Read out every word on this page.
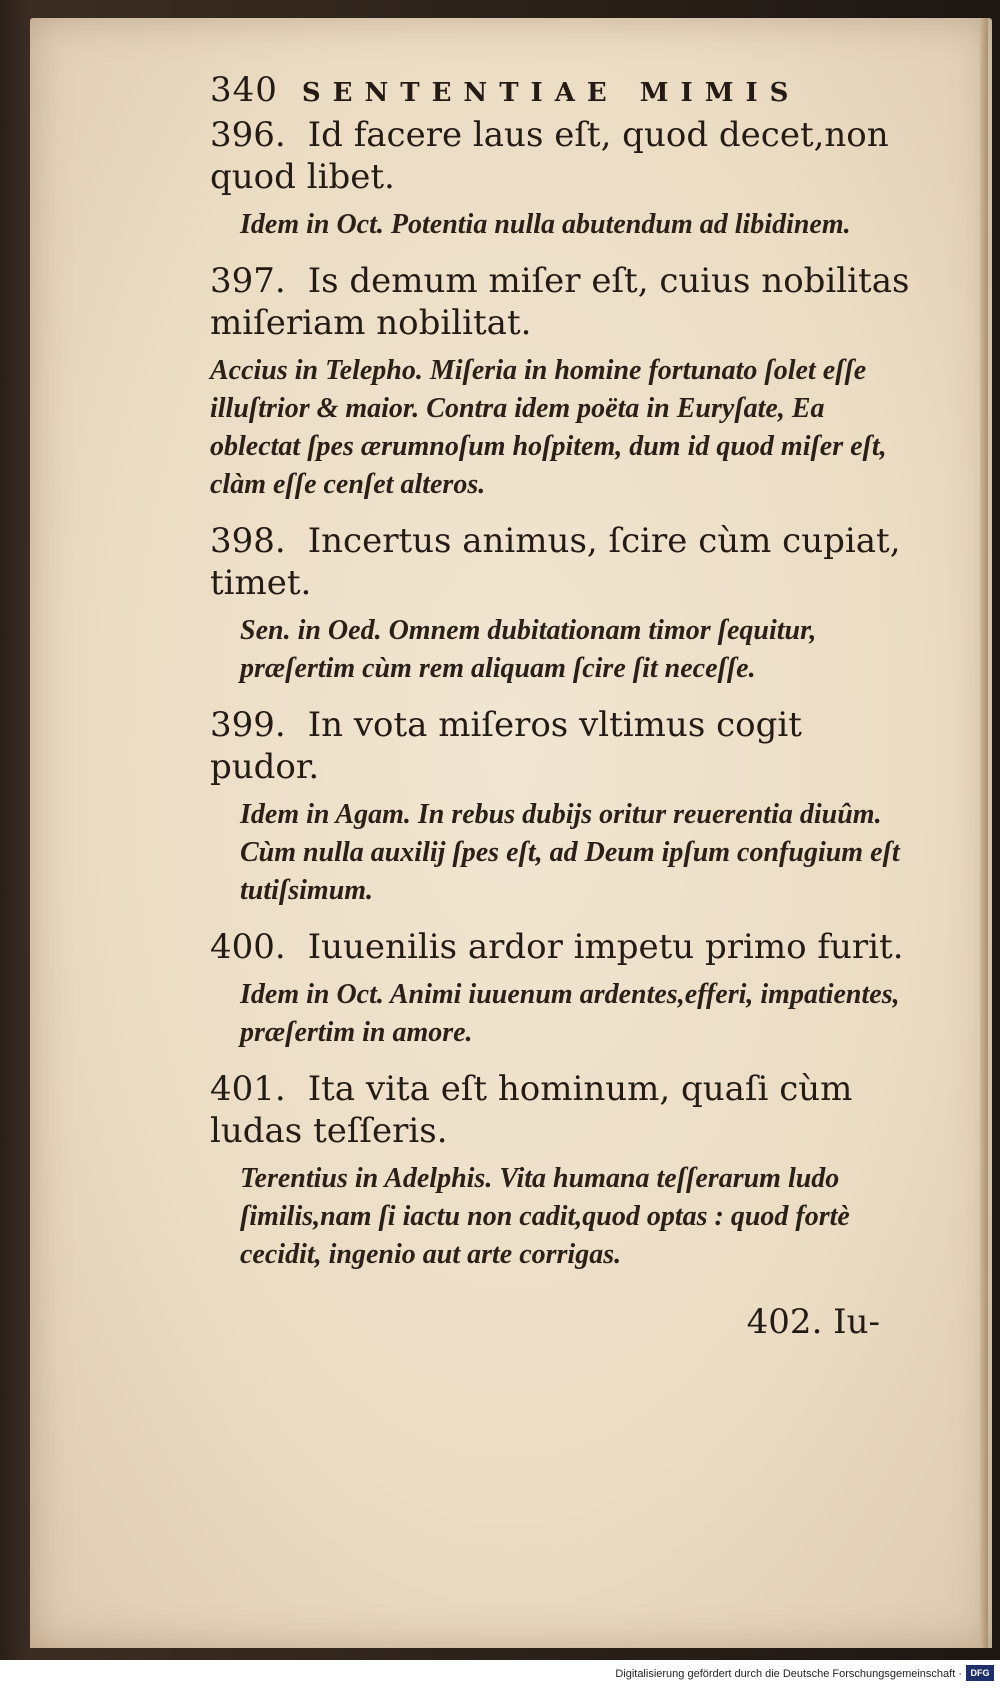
340 SENTENTIAE MIMIS

396. Id facere laus eſt, quod decet,non quod libet.

Idem in Oct. Potentia nulla abutendum ad libidinem.

397. Is demum miſer eſt, cuius nobilitas miſeriam nobilitat.

Accius in Telepho. Miſeria in homine fortunato ſolet eſſe illuſtrior & maior. Contra idem poëta in Euryſate, Ea oblectat ſpes ærumnoſum hoſpitem, dum id quod miſer eſt, clàm eſſe cenſet alteros.

398. Incertus animus, ſcire cùm cupiat, timet.

Sen. in Oed. Omnem dubitationam timor ſequitur, præſertim cùm rem aliquam ſcire ſit neceſſe.

399. In vota miſeros vltimus cogit pudor.

Idem in Agam. In rebus dubijs oritur reuerentia diuûm. Cùm nulla auxilij ſpes eſt, ad Deum ipſum confugium eſt tutiſsimum.

400. Iuuenilis ardor impetu primo furit.

Idem in Oct. Animi iuuenum ardentes,efferi, impatientes, præſertim in amore.

401. Ita vita eſt hominum, quaſi cùm ludas teſſeris.

Terentius in Adelphis. Vita humana teſſerarum ludo ſimilis,nam ſi iactu non cadit,quod optas : quod fortè cecidit, ingenio aut arte corrigas.

402. Iu-
Digitalisierung gefördert durch die Deutsche Forschungsgemeinschaft · DFG
